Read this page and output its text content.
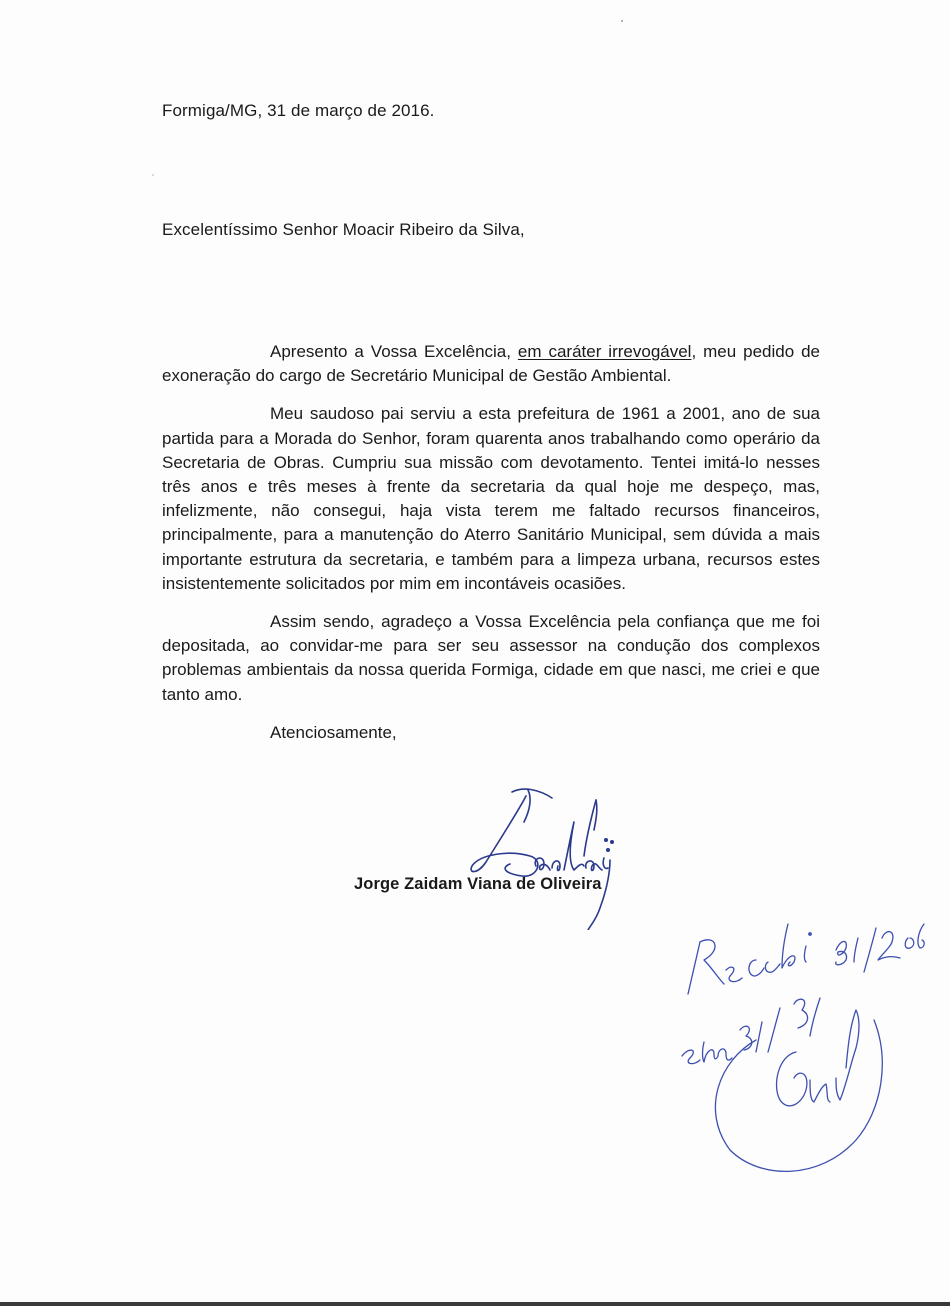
Formiga/MG, 31 de março de 2016.
Excelentíssimo Senhor Moacir Ribeiro da Silva,

Apresento a Vossa Excelência, em caráter irrevogável, meu pedido de exoneração do cargo de Secretário Municipal de Gestão Ambiental.

Meu saudoso pai serviu a esta prefeitura de 1961 a 2001, ano de sua partida para a Morada do Senhor, foram quarenta anos trabalhando como operário da Secretaria de Obras. Cumpriu sua missão com devotamento. Tentei imitá-lo nesses três anos e três meses à frente da secretaria da qual hoje me despeço, mas, infelizmente, não consegui, haja vista terem me faltado recursos financeiros, principalmente, para a manutenção do Aterro Sanitário Municipal, sem dúvida a mais importante estrutura da secretaria, e também para a limpeza urbana, recursos estes insistentemente solicitados por mim em incontáveis ocasiões.

Assim sendo, agradeço a Vossa Excelência pela confiança que me foi depositada, ao convidar-me para ser seu assessor na condução dos complexos problemas ambientais da nossa querida Formiga, cidade em que nasci, me criei e que tanto amo.

Atenciosamente,
Jorge Zaidam Viana de Oliveira	Recebi em 31/3/2016
